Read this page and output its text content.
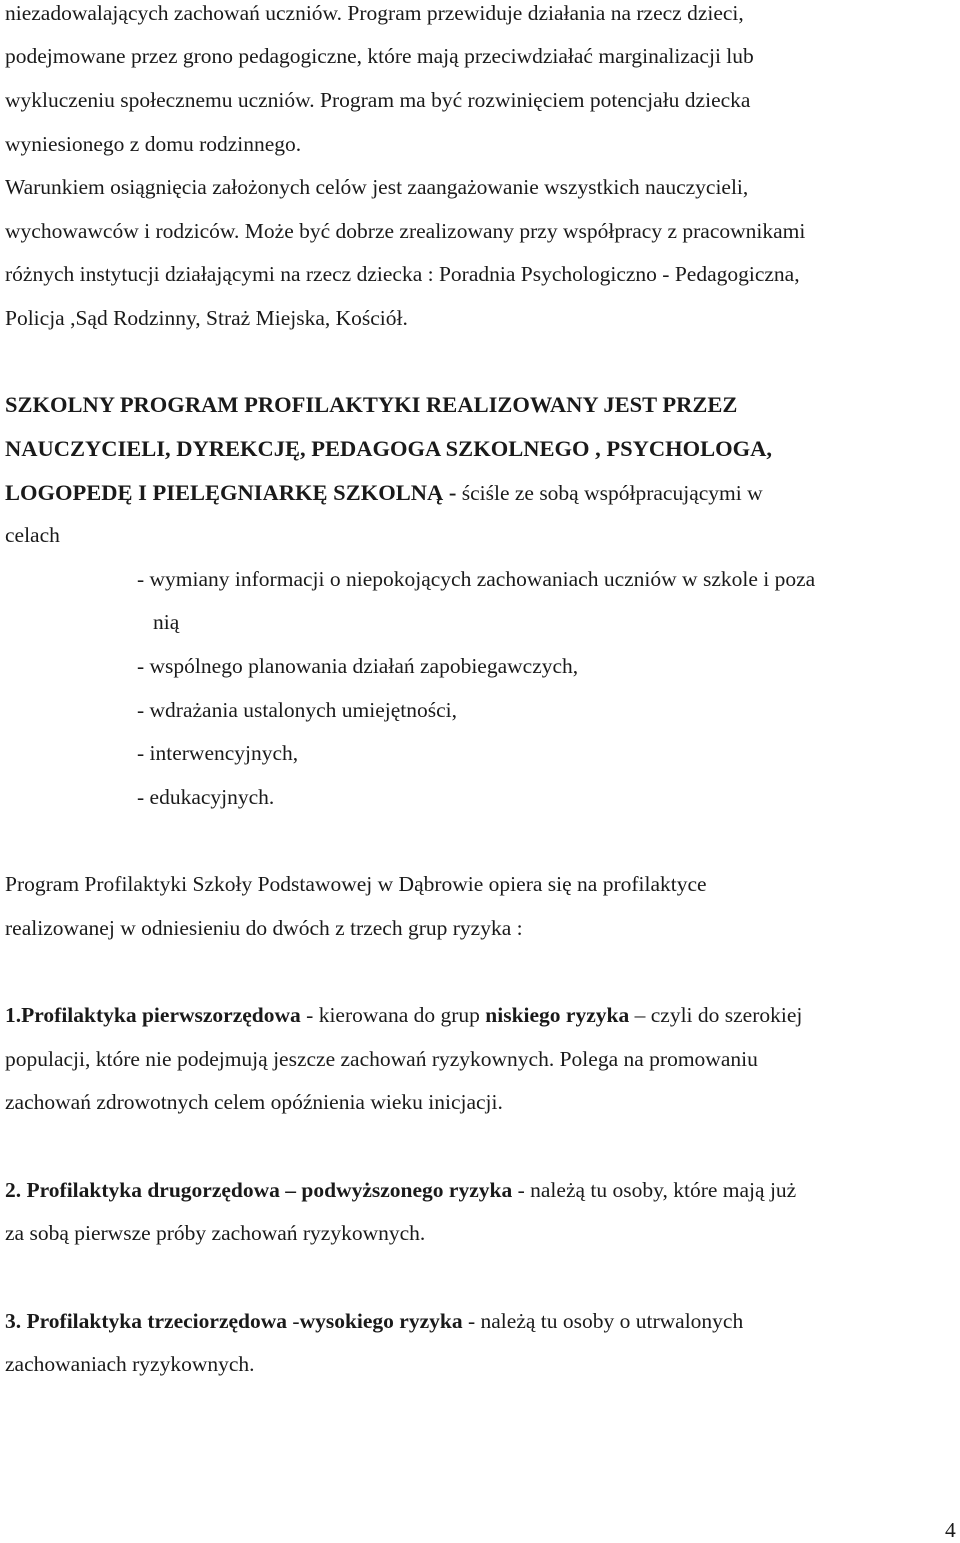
niezadowalających zachowań uczniów. Program przewiduje działania na rzecz dzieci,
podejmowane przez grono pedagogiczne, które mają przeciwdziałać marginalizacji lub
wykluczeniu społecznemu uczniów. Program ma być rozwinięciem potencjału dziecka
wyniesionego z domu rodzinnego.
Warunkiem osiągnięcia założonych celów jest zaangażowanie wszystkich nauczycieli,
wychowawców i rodziców. Może być dobrze zrealizowany przy współpracy z pracownikami
różnych instytucji działającymi na rzecz dziecka : Poradnia Psychologiczno - Pedagogiczna,
Policja ,Sąd Rodzinny, Straż Miejska, Kościół.
SZKOLNY PROGRAM PROFILAKTYKI REALIZOWANY JEST PRZEZ
NAUCZYCIELI, DYREKCJĘ, PEDAGOGA SZKOLNEGO , PSYCHOLOGA,
LOGOPEDĘ I PIELĘGNIARKĘ SZKOLNĄ - ściśle ze sobą współpracującymi w
celach
- wymiany informacji o niepokojących zachowaniach uczniów w szkole i poza
nią
- wspólnego planowania działań zapobiegawczych,
- wdrażania ustalonych umiejętności,
- interwencyjnych,
- edukacyjnych.
Program Profilaktyki Szkoły Podstawowej w Dąbrowie opiera się na profilaktyce
realizowanej w odniesieniu do dwóch z trzech grup ryzyka :
1.Profilaktyka pierwszorzędowa - kierowana do grup niskiego ryzyka – czyli do szerokiej
populacji, które nie podejmują jeszcze zachowań ryzykownych. Polega na promowaniu
zachowań zdrowotnych celem opóźnienia wieku inicjacji.
2. Profilaktyka drugorzędowa – podwyższonego ryzyka - należą tu osoby, które mają już
za sobą pierwsze próby zachowań ryzykownych.
3. Profilaktyka trzeciorzędowa -wysokiego ryzyka - należą tu osoby o utrwalonych
zachowaniach ryzykownych.
4
